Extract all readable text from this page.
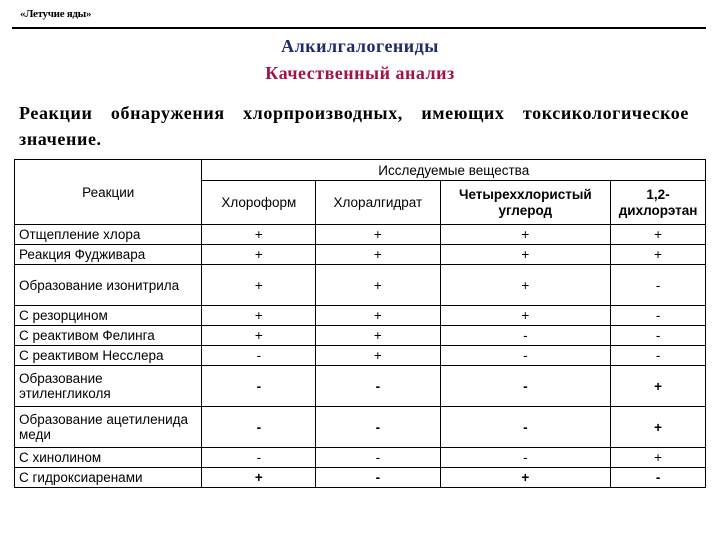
«Летучие яды»
Алкилгалогениды
Качественный анализ
Реакции обнаружения хлорпроизводных, имеющих токсикологическое значение.
Реакции	Исследуемые вещества			
	Хлороформ	Хлоралгидрат	Четыреххлористый углерод	1,2-дихлорэтан
Отщепление хлора	+	+	+	+
Реакция Фудживара	+	+	+	+
Образование изонитрила	+	+	+	-
С резорцином	+	+	+	-
С реактивом Фелинга	+	+	-	-
С реактивом Несслера	-	+	-	-
Образование этиленгликоля	-	-	-	+
Образование ацетиленида меди	-	-	-	+
С хинолином	-	-	-	+
С гидроксиаренами	+	-	+	-
